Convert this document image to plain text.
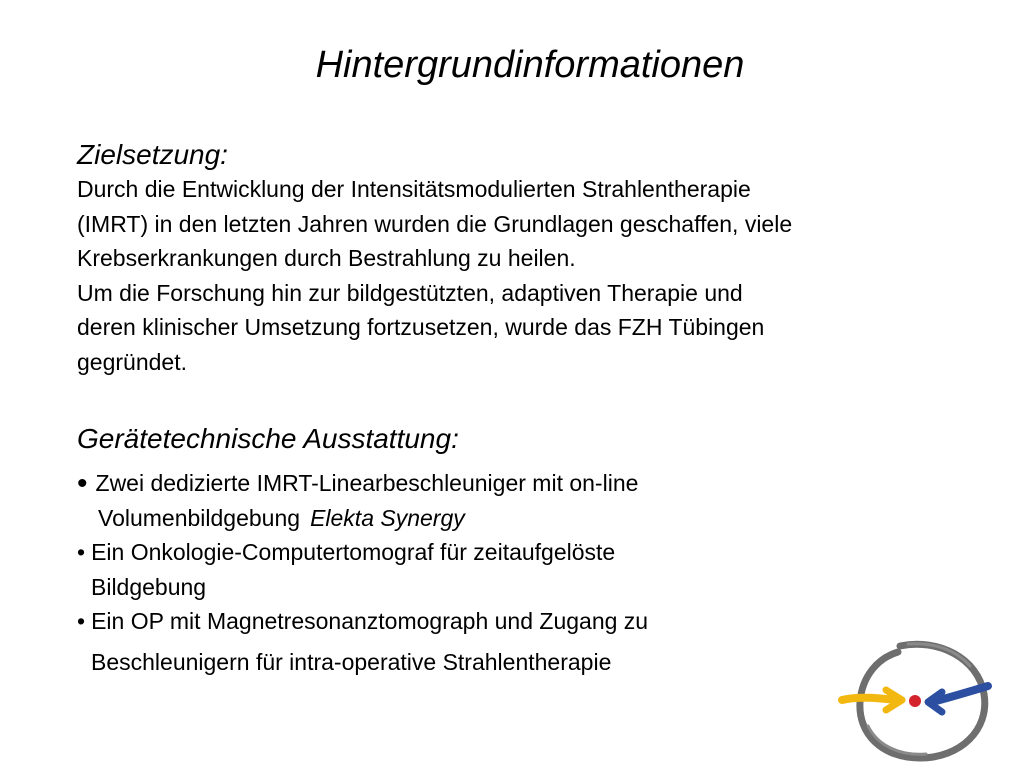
Hintergrundinformationen
Zielsetzung:
Durch die Entwicklung der Intensitätsmodulierten Strahlentherapie
(IMRT) in den letzten Jahren wurden die Grundlagen geschaffen, viele
Krebserkrankungen durch Bestrahlung zu heilen.
Um die Forschung hin zur bildgestützten, adaptiven Therapie und
deren klinischer Umsetzung fortzusetzen, wurde das FZH Tübingen
gegründet.
Gerätetechnische Ausstattung:
• Zwei dedizierte IMRT-Linearbeschleuniger mit on-line
Volumenbildgebung Elekta Synergy
• Ein Onkologie-Computertomograf für zeitaufgelöste
Bildgebung
• Ein OP mit Magnetresonanztomograph und Zugang zu
Beschleunigern für intra-operative Strahlentherapie
